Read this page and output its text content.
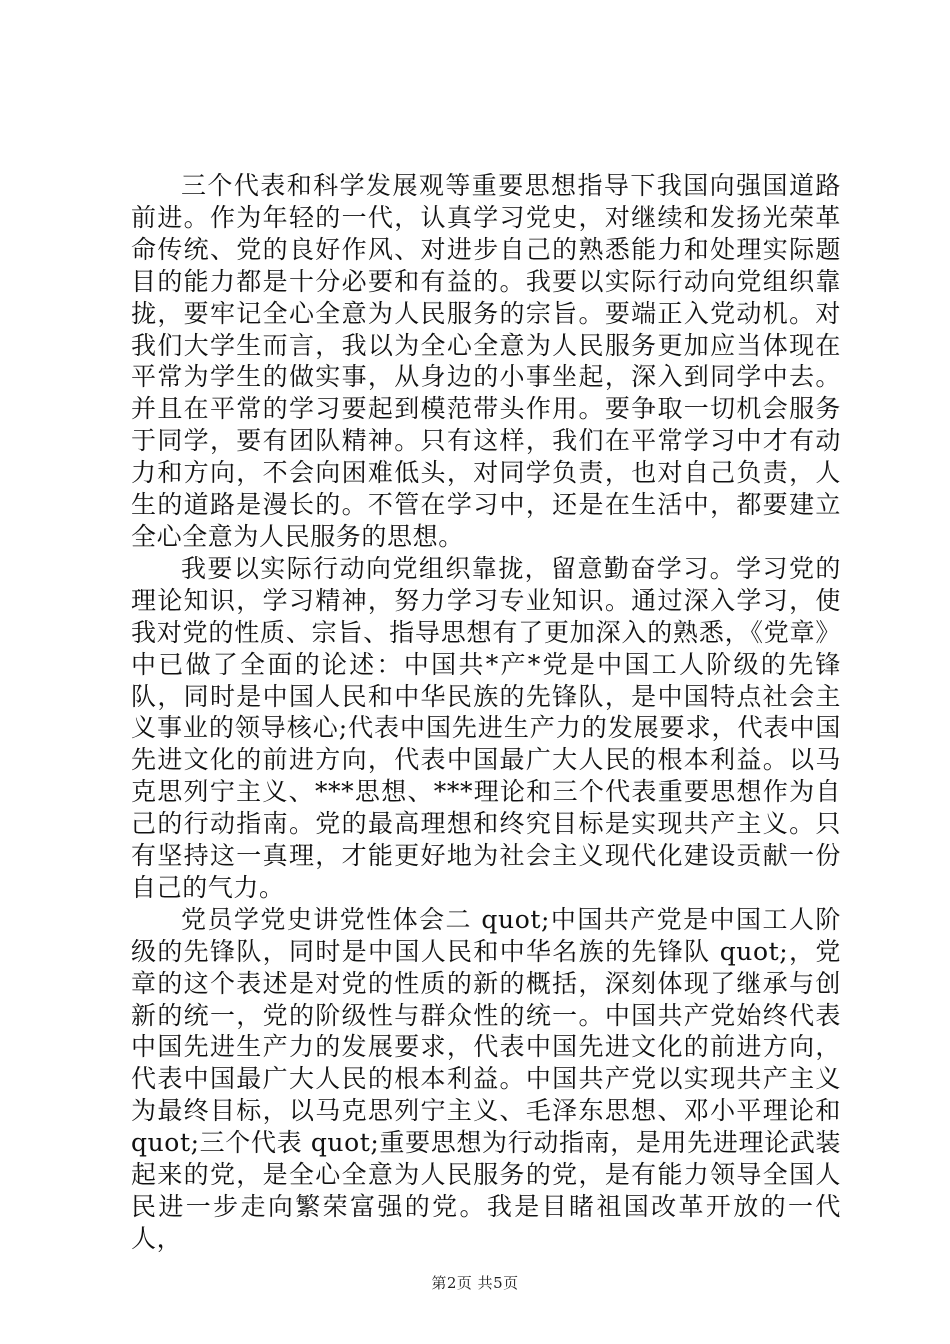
三个代表和科学发展观等重要思想指导下我国向强国道路前进。作为年轻的一代，认真学习党史，对继续和发扬光荣革命传统、党的良好作风、对进步自己的熟悉能力和处理实际题目的能力都是十分必要和有益的。我要以实际行动向党组织靠拢，要牢记全心全意为人民服务的宗旨。要端正入党动机。对我们大学生而言，我以为全心全意为人民服务更加应当体现在平常为学生的做实事，从身边的小事坐起，深入到同学中去。并且在平常的学习要起到模范带头作用。要争取一切机会服务于同学，要有团队精神。只有这样，我们在平常学习中才有动力和方向，不会向困难低头，对同学负责，也对自己负责，人生的道路是漫长的。不管在学习中，还是在生活中，都要建立全心全意为人民服务的思想。

我要以实际行动向党组织靠拢，留意勤奋学习。学习党的理论知识，学习精神，努力学习专业知识。通过深入学习，使我对党的性质、宗旨、指导思想有了更加深入的熟悉，《党章》中已做了全面的论述：中国共*产*党是中国工人阶级的先锋队，同时是中国人民和中华民族的先锋队，是中国特点社会主义事业的领导核心;代表中国先进生产力的发展要求，代表中国先进文化的前进方向，代表中国最广大人民的根本利益。以马克思列宁主义、***思想、***理论和三个代表重要思想作为自己的行动指南。党的最高理想和终究目标是实现共产主义。只有坚持这一真理，才能更好地为社会主义现代化建设贡献一份自己的气力。

党员学党史讲党性体会二 quot;中国共产党是中国工人阶级的先锋队，同时是中国人民和中华名族的先锋队 quot;，党章的这个表述是对党的性质的新的概括，深刻体现了继承与创新的统一，党的阶级性与群众性的统一。中国共产党始终代表中国先进生产力的发展要求，代表中国先进文化的前进方向，代表中国最广大人民的根本利益。中国共产党以实现共产主义为最终目标，以马克思列宁主义、毛泽东思想、邓小平理论和 quot;三个代表 quot;重要思想为行动指南，是用先进理论武装起来的党，是全心全意为人民服务的党，是有能力领导全国人民进一步走向繁荣富强的党。我是目睹祖国改革开放的一代人，

第2页 共5页
